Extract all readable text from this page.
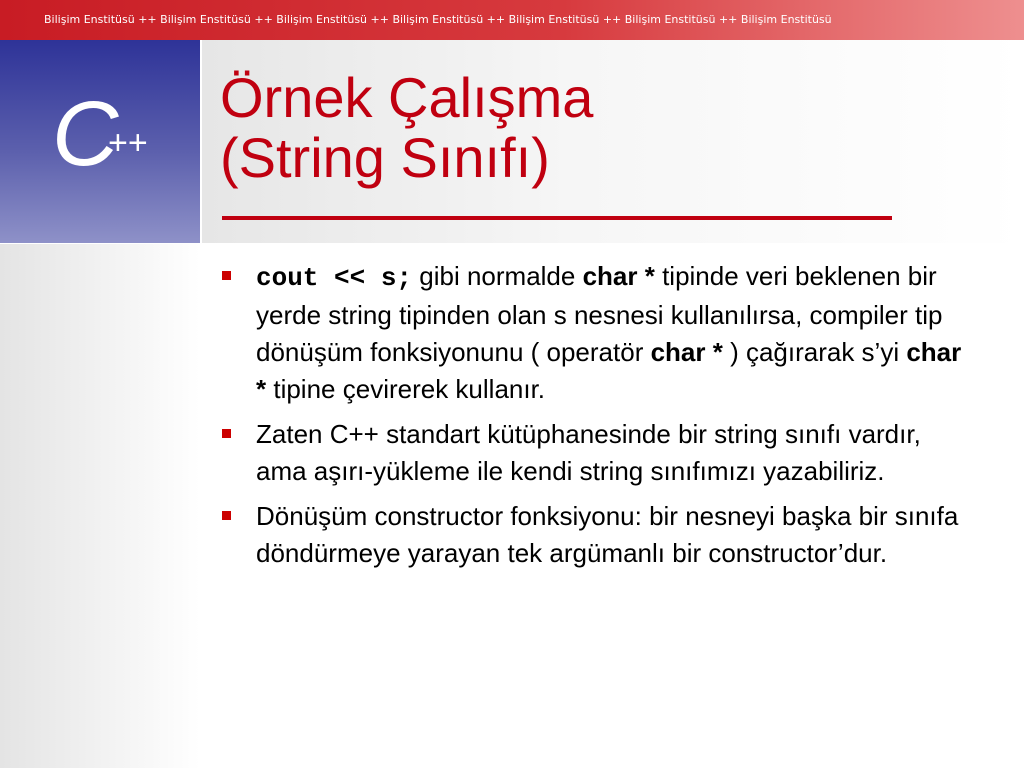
Bilişim Enstitüsü ++ Bilişim Enstitüsü ++ Bilişim Enstitüsü ++ Bilişim Enstitüsü ++ Bilişim Enstitüsü ++ Bilişim Enstitüsü ++ Bilişim Enstitüsü
C
++
Örnek Çalışma
(String Sınıfı)
cout << s; gibi normalde char * tipinde veri beklenen bir yerde string tipinden olan s nesnesi kullanılırsa, compiler tip dönüşüm fonksiyonunu ( operatör char * ) çağırarak s’yi char * tipine çevirerek kullanır.
Zaten C++ standart kütüphanesinde bir string sınıfı vardır, ama aşırı-yükleme ile kendi string sınıfımızı yazabiliriz.
Dönüşüm constructor fonksiyonu: bir nesneyi başka bir sınıfa döndürmeye yarayan tek argümanlı bir constructor’dur.
